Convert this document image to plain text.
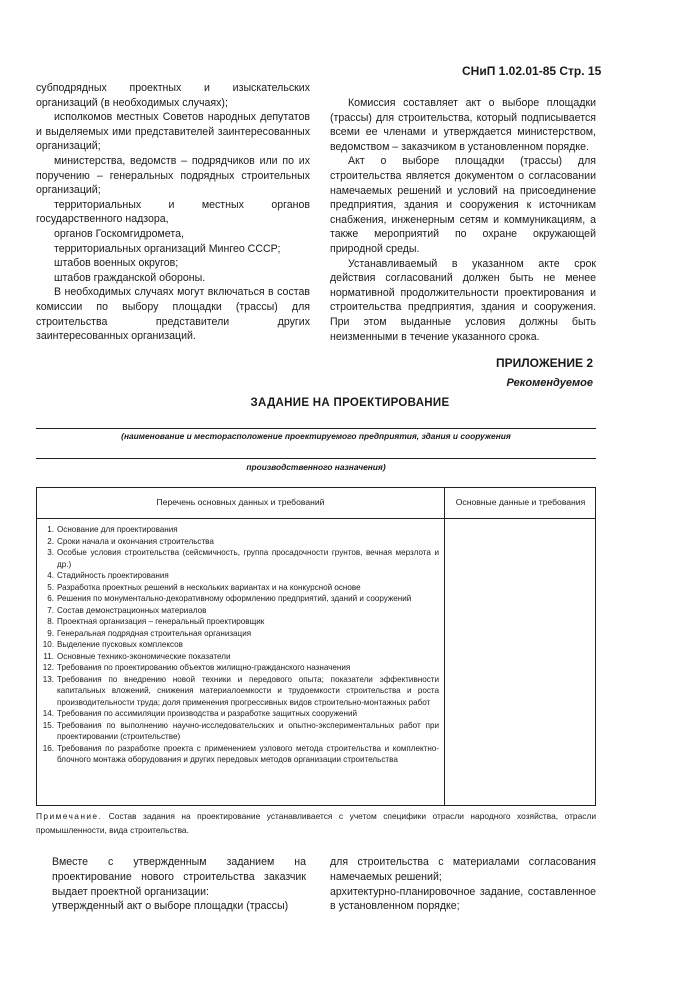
СНиП 1.02.01-85 Стр. 15

субподрядных проектных и изыскательских организаций (в необходимых случаях);

исполкомов местных Советов народных депутатов и выделяемых ими представителей заинтересованных организаций;

министерства, ведомств – подрядчиков или по их поручению – генеральных подрядных строительных организаций;

территориальных и местных органов государственного надзора,

органов Госкомгидромета,

территориальных организаций Мингео СССР;

штабов военных округов;

штабов гражданской обороны.

В необходимых случаях могут включаться в состав комиссии по выбору площадки (трассы) для строительства представители других заинтересованных организаций.

Комиссия составляет акт о выборе площадки (трассы) для строительства, который подписывается всеми ее членами и утверждается министерством, ведомством – заказчиком в установленном порядке.

Акт о выборе площадки (трассы) для строительства является документом о согласовании намечаемых решений и условий на присоединение предприятия, здания и сооружения к источникам снабжения, инженерным сетям и коммуникациям, а также мероприятий по охране окружающей природной среды.

Устанавливаемый в указанном акте срок действия согласований должен быть не менее нормативной продолжительности проектирования и строительства предприятия, здания и сооружения. При этом выданные условия должны быть неизменными в течение указанного срока.

ПРИЛОЖЕНИЕ 2
Рекомендуемое
ЗАДАНИЕ НА ПРОЕКТИРОВАНИЕ
(наименование и месторасположение проектируемого предприятия, здания и сооружения
производственного назначения)
Перечень основных данных и требований	Основные данные и требования
1. Основание для проектирования
2. Сроки начала и окончания строительства
3. Особые условия строительства (сейсмичность, группа просадочности грунтов, вечная мерзлота и др.)
4. Стадийность проектирования
5. Разработка проектных решений в нескольких вариантах и на конкурсной основе
6. Решения по монументально-декоративному оформлению предприятий, зданий и сооружений
7. Состав демонстрационных материалов
8. Проектная организация – генеральный проектировщик
9. Генеральная подрядная строительная организация
10. Выделение пусковых комплексов
11. Основные технико-экономические показатели
12. Требования по проектированию объектов жилищно-гражданского назначения
13. Требования по внедрению новой техники и передового опыта; показатели эффективности капитальных вложений, снижения материалоемкости и трудоемкости строительства и роста производительности труда; доля применения прогрессивных видов строительно-монтажных работ
14. Требования по ассимиляции производства и разработке защитных сооружений
15. Требования по выполнению научно-исследовательских и опытно-экспериментальных работ при проектировании (строительстве)
16. Требования по разработке проекта с применением узлового метода строительства и комплектно-блочного монтажа оборудования и других передовых методов организации строительства
Примечание. Состав задания на проектирование устанавливается с учетом специфики отрасли народного хозяйства, отрасли промышленности, вида строительства.

Вместе с утвержденным заданием на проектирование нового строительства заказчик выдает проектной организации:

утвержденный акт о выборе площадки (трассы)

для строительства с материалами согласования намечаемых решений;

архитектурно-планировочное задание, составленное в установленном порядке;
